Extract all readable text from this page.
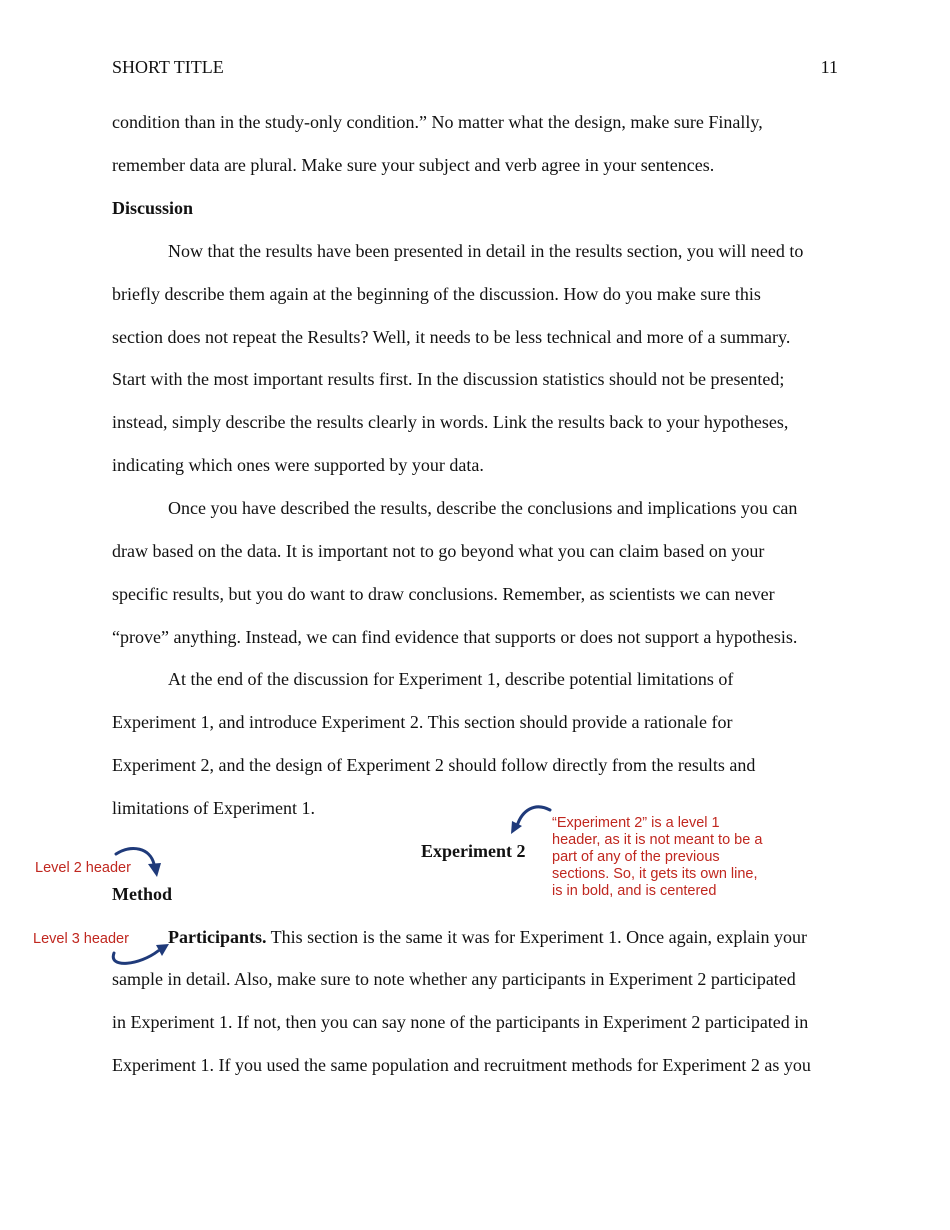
SHORT TITLE	11
condition than in the study-only condition.” No matter what the design, make sure Finally,
remember data are plural. Make sure your subject and verb agree in your sentences.
Discussion
Now that the results have been presented in detail in the results section, you will need to
briefly describe them again at the beginning of the discussion. How do you make sure this
section does not repeat the Results? Well, it needs to be less technical and more of a summary.
Start with the most important results first. In the discussion statistics should not be presented;
instead, simply describe the results clearly in words. Link the results back to your hypotheses,
indicating which ones were supported by your data.
Once you have described the results, describe the conclusions and implications you can
draw based on the data. It is important not to go beyond what you can claim based on your
specific results, but you do want to draw conclusions. Remember, as scientists we can never
“prove” anything. Instead, we can find evidence that supports or does not support a hypothesis.
At the end of the discussion for Experiment 1, describe potential limitations of
Experiment 1, and introduce Experiment 2. This section should provide a rationale for
Experiment 2, and the design of Experiment 2 should follow directly from the results and
limitations of Experiment 1.
Experiment 2
Method
Participants. This section is the same it was for Experiment 1. Once again, explain your
sample in detail. Also, make sure to note whether any participants in Experiment 2 participated
in Experiment 1. If not, then you can say none of the participants in Experiment 2 participated in
Experiment 1. If you used the same population and recruitment methods for Experiment 2 as you
“Experiment 2” is a level 1
header, as it is not meant to be a
part of any of the previous
sections. So, it gets its own line,
is in bold, and is centered
Level 2 header
Level 3 header
